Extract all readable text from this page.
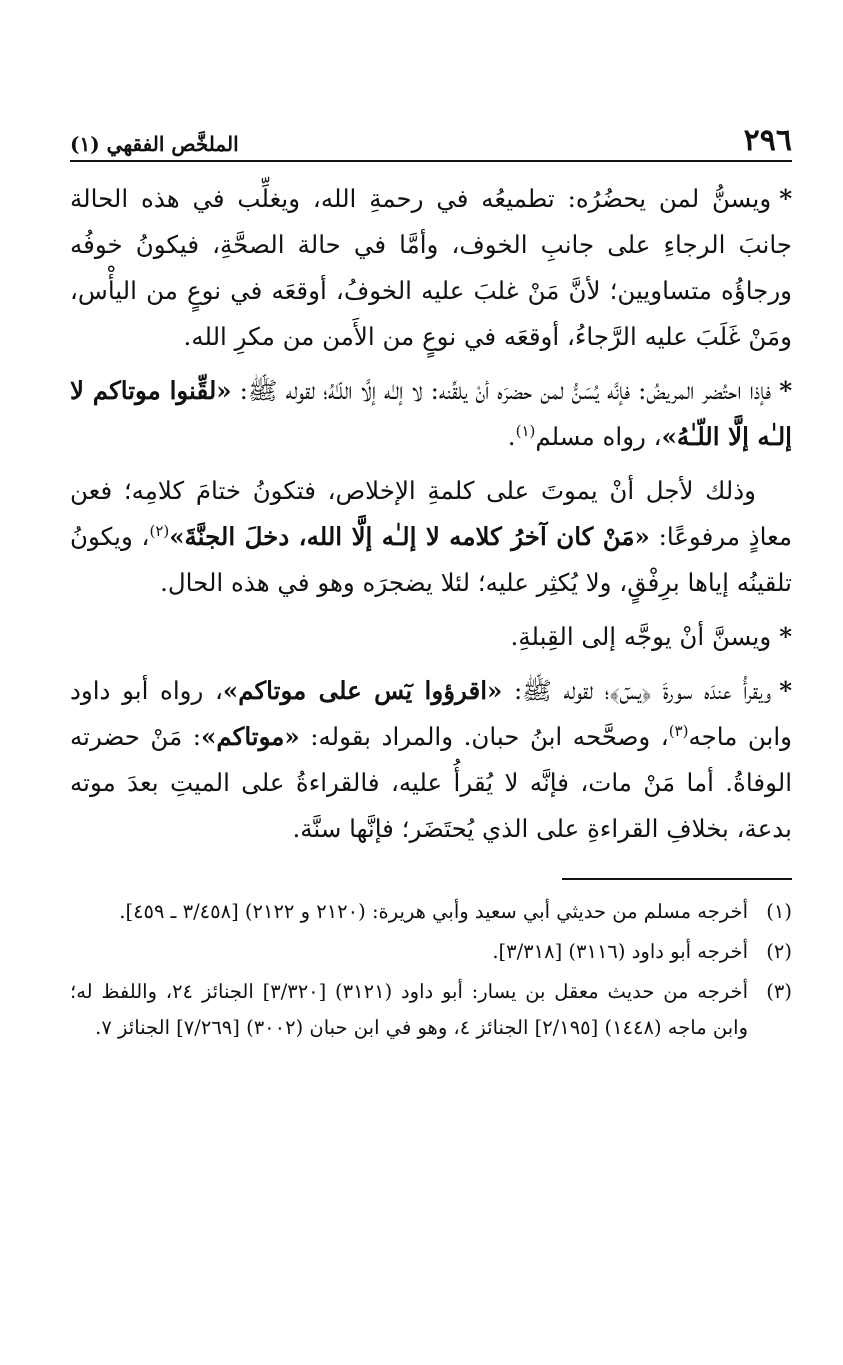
٢٩٦
الملخَّص الفقهي (١)

*ويسنُّ لمن يحضُرُه: تطميعُه في رحمةِ الله، ويغلِّب في هذه الحالة جانبَ الرجاءِ على جانبِ الخوف، وأمَّا في حالة الصحَّةِ، فيكونُ خوفُه ورجاؤُه متساويين؛ لأنَّ مَنْ غلبَ عليه الخوفُ، أوقعَه في نوعٍ من اليأْس، ومَنْ غَلَبَ عليه الرَّجاءُ، أوقعَه في نوعٍ من الأَمن من مكرِ الله.

*فإذا احتُضر المريضُ: فإنَّه يُسَنُّ لمن حضرَه أنْ يلقِّنه: لا إلـٰه إلَّا اللّـٰهُ؛ لقوله ﷺ: «لقِّنوا موتاكم لا إلـٰه إلَّا اللّـٰهُ»، رواه مسلم$^{(١)}$.

وذلك لأجل أنْ يموتَ على كلمةِ الإخلاص، فتكونُ ختامَ كلامِه؛ فعن معاذٍ مرفوعًا: «مَنْ كان آخرُ كلامه لا إلـٰه إلَّا الله، دخلَ الجنَّةَ»$^{(٢)}$، ويكونُ تلقينُه إياها برِفْقٍ، ولا يُكثِر عليه؛ لئلا يضجرَه وهو في هذه الحال.

*ويسنَّ أنْ يوجَّه إلى القِبلةِ.

*ويقرأُ عندَه سورةَ ﴿يسٓ﴾؛ لقوله ﷺ: «اقرؤوا يٓس على موتاكم»، رواه أبو داود وابن ماجه$^{(٣)}$، وصحَّحه ابنُ حبان. والمراد بقوله: «موتاكم»: مَنْ حضرته الوفاةُ. أما مَنْ مات، فإنَّه لا يُقرأُ عليه، فالقراءةُ على الميتِ بعدَ موته بدعة، بخلافِ القراءةِ على الذي يُحتَضَر؛ فإنَّها سنَّة.

(١)
أخرجه مسلم من حديثي أبي سعيد وأبي هريرة: (٢١٢٠ و ٢١٢٢) [٣/٤٥٨ ـ ٤٥٩].
(٢)
أخرجه أبو داود (٣١١٦) [٣/٣١٨].
(٣)
أخرجه من حديث معقل بن يسار: أبو داود (٣١٢١) [٣/٣٢٠] الجنائز ٢٤، واللفظ له؛ وابن ماجه (١٤٤٨) [٢/١٩٥] الجنائز ٤، وهو في ابن حبان (٣٠٠٢) [٧/٢٦٩] الجنائز ٧.
